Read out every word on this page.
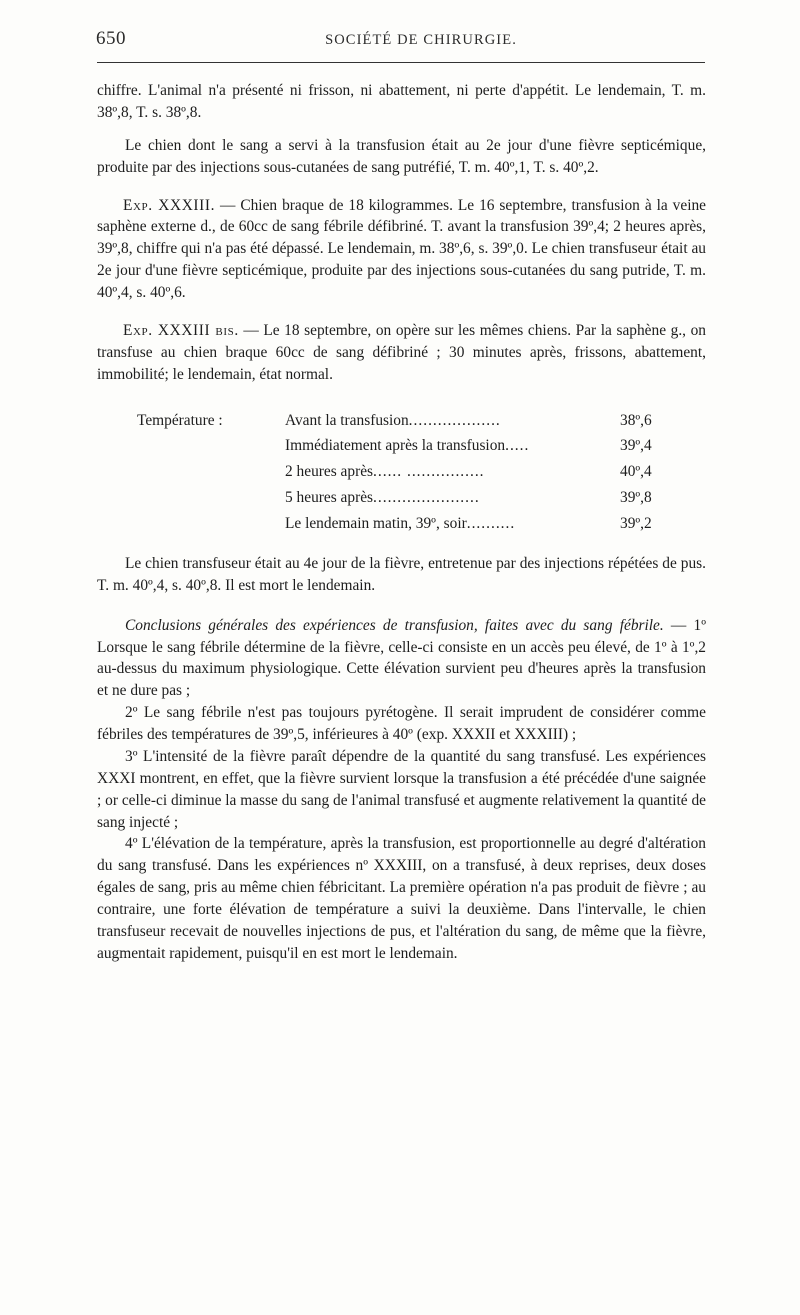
650	SOCIÉTÉ DE CHIRURGIE.

chiffre. L'animal n'a présenté ni frisson, ni abattement, ni perte d'appétit. Le lendemain, T. m. 38º,8, T. s. 38º,8.

Le chien dont le sang a servi à la transfusion était au 2e jour d'une fièvre septicémique, produite par des injections sous-cutanées de sang putréfié, T. m. 40º,1, T. s. 40º,2.

Exp. XXXIII. — Chien braque de 18 kilogrammes. Le 16 septembre, transfusion à la veine saphène externe d., de 60cc de sang fébrile défibriné. T. avant la transfusion 39º,4; 2 heures après, 39º,8, chiffre qui n'a pas été dépassé. Le lendemain, m. 38º,6, s. 39º,0. Le chien transfuseur était au 2e jour d'une fièvre septicémique, produite par des injections sous-cutanées du sang putride, T. m. 40º,4, s. 40º,6.

Exp. XXXIII bis. — Le 18 septembre, on opère sur les mêmes chiens. Par la saphène g., on transfuse au chien braque 60cc de sang défibriné ; 30 minutes après, frissons, abattement, immobilité; le lendemain, état normal.

Température :	Avant la transfusion...................	38º,6
	Immédiatement après la transfusion.....	39º,4
	2 heures après...... ................	40º,4
	5 heures après......................	39º,8
	Le lendemain matin, 39º, soir..........	39º,2

Le chien transfuseur était au 4e jour de la fièvre, entretenue par des injections répétées de pus. T. m. 40º,4, s. 40º,8. Il est mort le lendemain.

Conclusions générales des expériences de transfusion, faites avec du sang fébrile. — 1º Lorsque le sang fébrile détermine de la fièvre, celle-ci consiste en un accès peu élevé, de 1º à 1º,2 au-dessus du maximum physiologique. Cette élévation survient peu d'heures après la transfusion et ne dure pas ;

2º Le sang fébrile n'est pas toujours pyrétogène. Il serait imprudent de considérer comme fébriles des températures de 39º,5, inférieures à 40º (exp. XXXII et XXXIII) ;

3º L'intensité de la fièvre paraît dépendre de la quantité du sang transfusé. Les expériences XXXI montrent, en effet, que la fièvre survient lorsque la transfusion a été précédée d'une saignée ; or celle-ci diminue la masse du sang de l'animal transfusé et augmente relativement la quantité de sang injecté ;

4º L'élévation de la température, après la transfusion, est proportionnelle au degré d'altération du sang transfusé. Dans les expériences nº XXXIII, on a transfusé, à deux reprises, deux doses égales de sang, pris au même chien fébricitant. La première opération n'a pas produit de fièvre ; au contraire, une forte élévation de température a suivi la deuxième. Dans l'intervalle, le chien transfuseur recevait de nouvelles injections de pus, et l'altération du sang, de même que la fièvre, augmentait rapidement, puisqu'il en est mort le lendemain.
